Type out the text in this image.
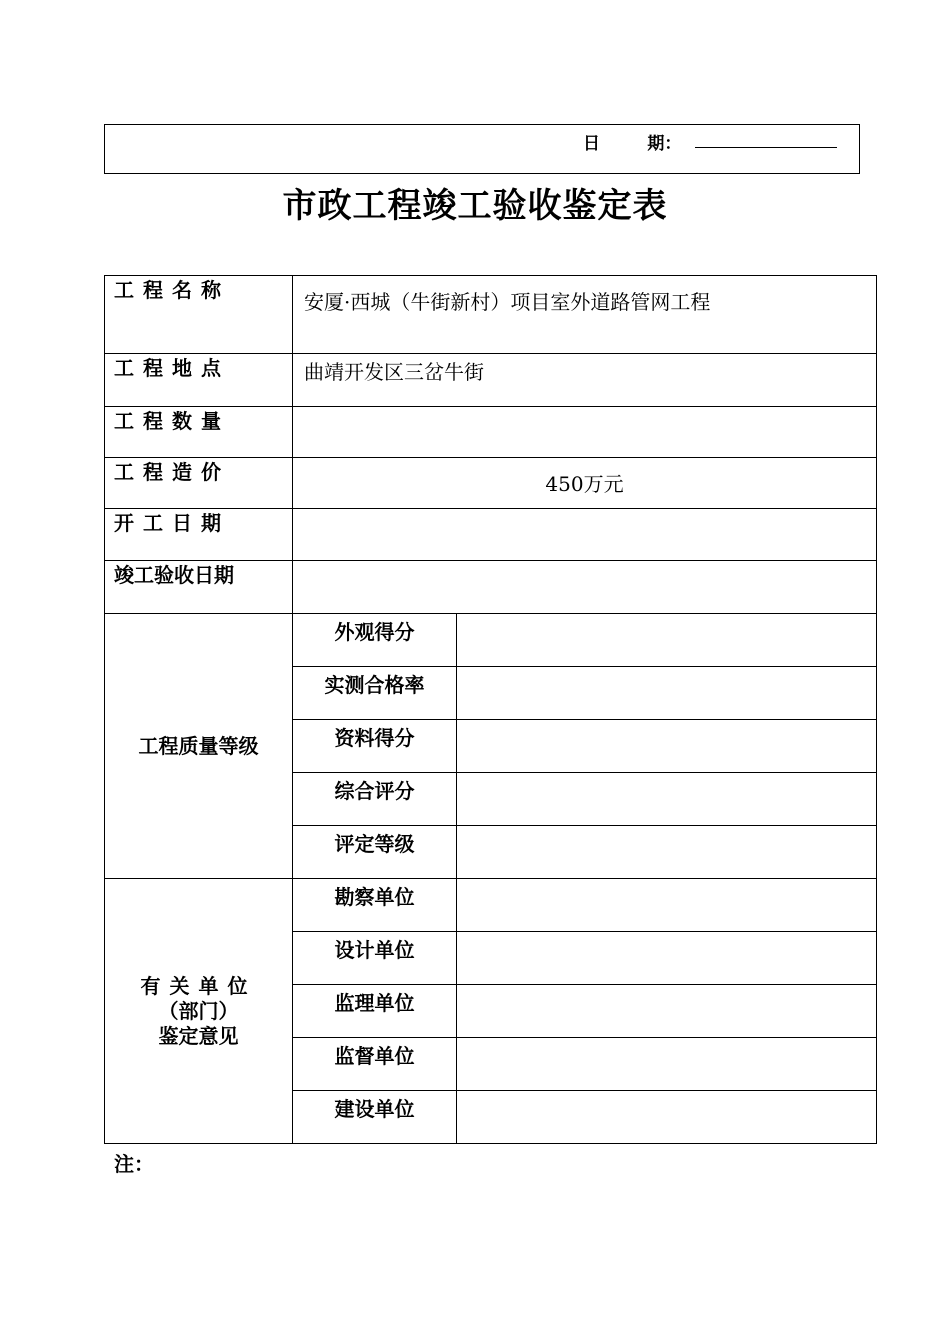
日        期：
市政工程竣工验收鉴定表
工程名称	安厦·西城（牛街新村）项目室外道路管网工程	
工程地点	曲靖开发区三岔牛街	
工程数量		
工程造价	450万元	
开工日期		
竣工验收日期		
工程质量等级	外观得分	
	实测合格率	
	资料得分	
	综合评分	
	评定等级	

有关单位
（部门）
鉴定意见	勘察单位	
	设计单位	
	监理单位	
	监督单位	
	建设单位	
注：
